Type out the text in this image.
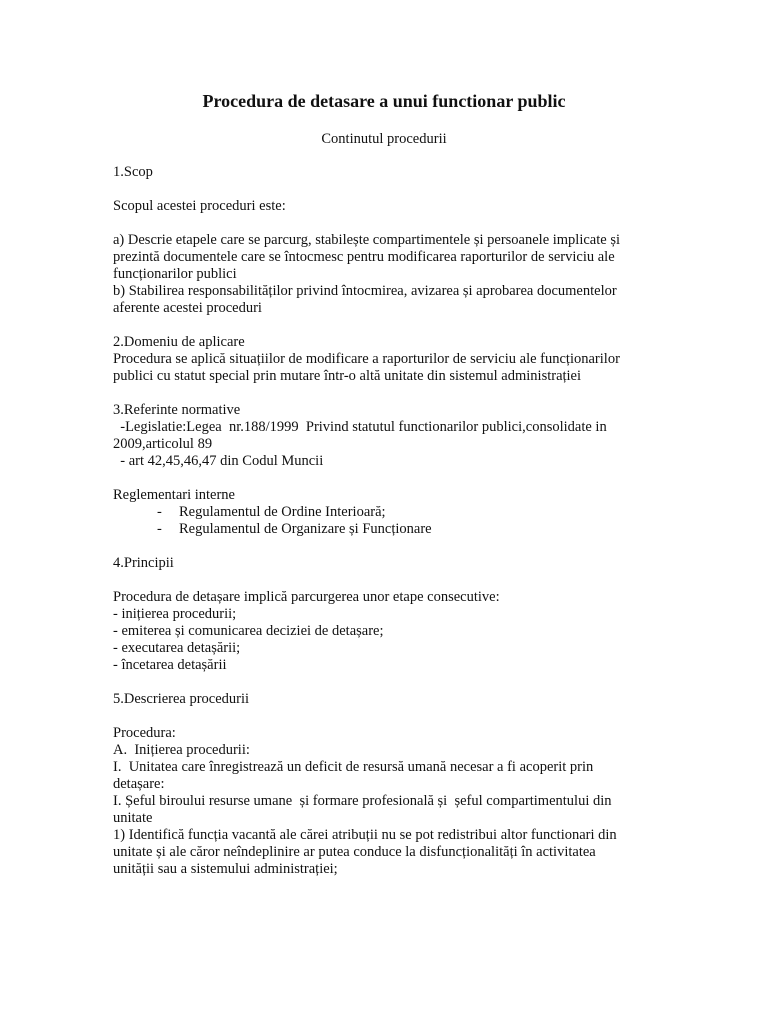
Procedura de detasare a unui functionar public
Continutul procedurii
1.Scop
Scopul acestei proceduri este:
a) Descrie etapele care se parcurg, stabilește compartimentele și persoanele implicate și
prezintă documentele care se întocmesc pentru modificarea raporturilor de serviciu ale
funcționarilor publici
b) Stabilirea responsabilităților privind întocmirea, avizarea și aprobarea documentelor
aferente acestei proceduri
2.Domeniu de aplicare
Procedura se aplică situațiilor de modificare a raporturilor de serviciu ale funcționarilor
publici cu statut special prin mutare într-o altă unitate din sistemul administrației
3.Referinte normative
-Legislatie:Legea  nr.188/1999  Privind statutul functionarilor publici,consolidate in
2009,articolul 89
- art 42,45,46,47 din Codul Muncii
Reglementari interne
-	Regulamentul de Ordine Interioară;
-	Regulamentul de Organizare și Funcționare
4.Principii
Procedura de detașare implică parcurgerea unor etape consecutive:
- inițierea procedurii;
- emiterea și comunicarea deciziei de detașare;
- executarea detașării;
- încetarea detașării
5.Descrierea procedurii
Procedura:
A.  Inițierea procedurii:
I.  Unitatea care înregistrează un deficit de resursă umană necesar a fi acoperit prin
detașare:
I. Șeful biroului resurse umane  și formare profesională și  șeful compartimentului din
unitate
1) Identifică funcția vacantă ale cărei atribuții nu se pot redistribui altor functionari din
unitate și ale căror neîndeplinire ar putea conduce la disfuncționalități în activitatea
unității sau a sistemului administrației;
